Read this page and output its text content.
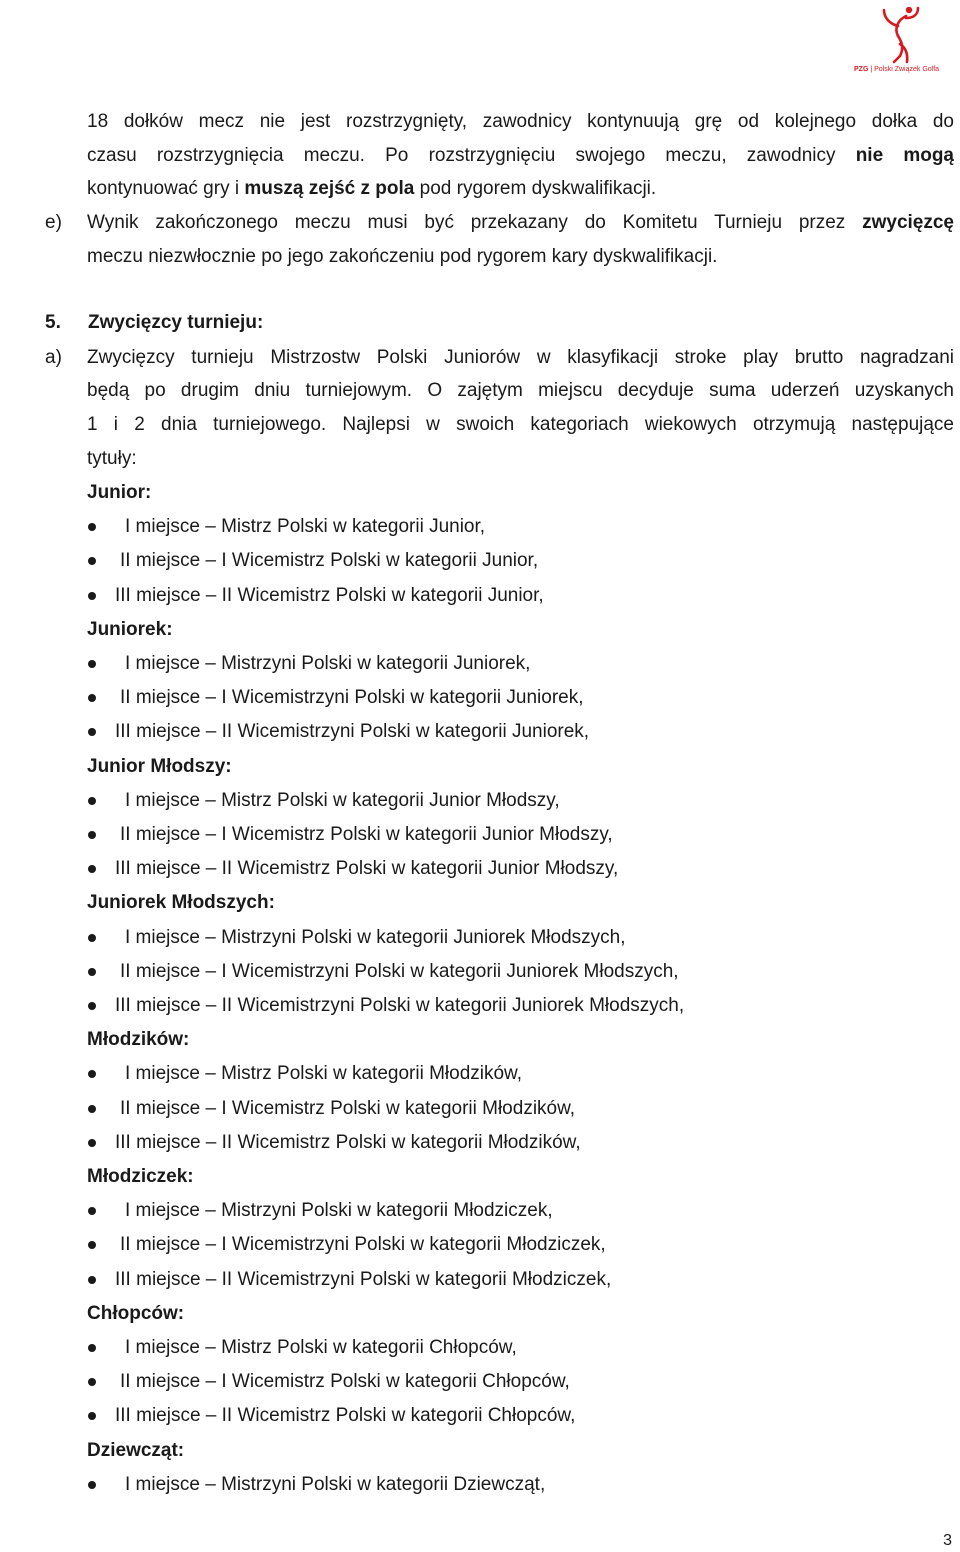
PZG | Polski Związek Golfa
18 dołków mecz nie jest rozstrzygnięty, zawodnicy kontynuują grę od kolejnego dołka do
czasu rozstrzygnięcia meczu. Po rozstrzygnięciu swojego meczu, zawodnicy nie mogą
kontynuować gry i muszą zejść z pola pod rygorem dyskwalifikacji.
e) Wynik zakończonego meczu musi być przekazany do Komitetu Turnieju przez zwycięzcę
meczu niezwłocznie po jego zakończeniu pod rygorem kary dyskwalifikacji.
5. Zwycięzcy turnieju:
a) Zwycięzcy turnieju Mistrzostw Polski Juniorów w klasyfikacji stroke play brutto nagradzani
będą po drugim dniu turniejowym. O zajętym miejscu decyduje suma uderzeń uzyskanych
1 i 2 dnia turniejowego. Najlepsi w swoich kategoriach wiekowych otrzymują następujące
tytuły:
Junior:
I miejsce – Mistrz Polski w kategorii Junior,
II miejsce – I Wicemistrz Polski w kategorii Junior,
III miejsce – II Wicemistrz Polski w kategorii Junior,
Juniorek:
I miejsce – Mistrzyni Polski w kategorii Juniorek,
II miejsce – I Wicemistrzyni Polski w kategorii Juniorek,
III miejsce – II Wicemistrzyni Polski w kategorii Juniorek,
Junior Młodszy:
I miejsce – Mistrz Polski w kategorii Junior Młodszy,
II miejsce – I Wicemistrz Polski w kategorii Junior Młodszy,
III miejsce – II Wicemistrz Polski w kategorii Junior Młodszy,
Juniorek Młodszych:
I miejsce – Mistrzyni Polski w kategorii Juniorek Młodszych,
II miejsce – I Wicemistrzyni Polski w kategorii Juniorek Młodszych,
III miejsce – II Wicemistrzyni Polski w kategorii Juniorek Młodszych,
Młodzików:
I miejsce – Mistrz Polski w kategorii Młodzików,
II miejsce – I Wicemistrz Polski w kategorii Młodzików,
III miejsce – II Wicemistrz Polski w kategorii Młodzików,
Młodziczek:
I miejsce – Mistrzyni Polski w kategorii Młodziczek,
II miejsce – I Wicemistrzyni Polski w kategorii Młodziczek,
III miejsce – II Wicemistrzyni Polski w kategorii Młodziczek,
Chłopców:
I miejsce – Mistrz Polski w kategorii Chłopców,
II miejsce – I Wicemistrz Polski w kategorii Chłopców,
III miejsce – II Wicemistrz Polski w kategorii Chłopców,
Dziewcząt:
I miejsce – Mistrzyni Polski w kategorii Dziewcząt,
3
